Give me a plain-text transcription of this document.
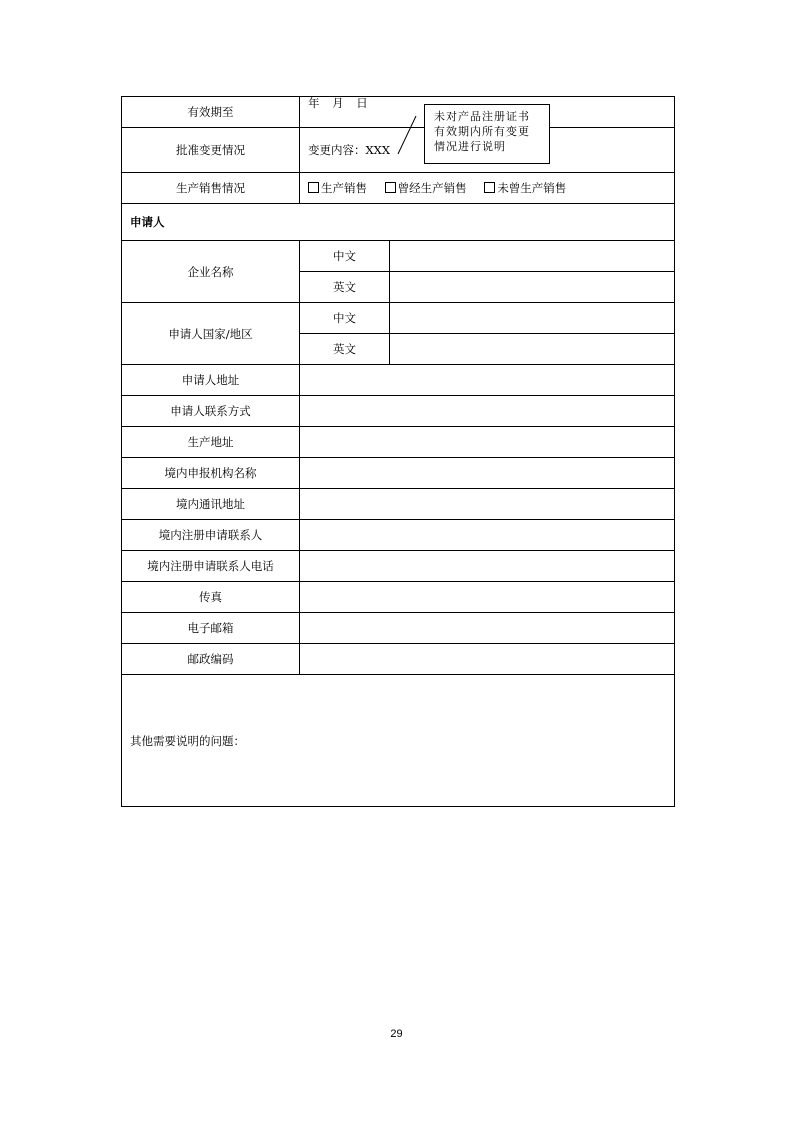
有效期至	年 月 日	
批准变更情况	变更内容：XXX	
生产销售情况	生产销售 曾经生产销售 未曾生产销售	
申请人		
企业名称	中文	
	英文	
申请人国家/地区	中文	
	英文	
申请人地址		
申请人联系方式		
生产地址		
境内申报机构名称		
境内通讯地址		
境内注册申请联系人		
境内注册申请联系人电话		
传真		
电子邮箱		
邮政编码		
其他需要说明的问题：		
未对产品注册证书
有效期内所有变更
情况进行说明
29
